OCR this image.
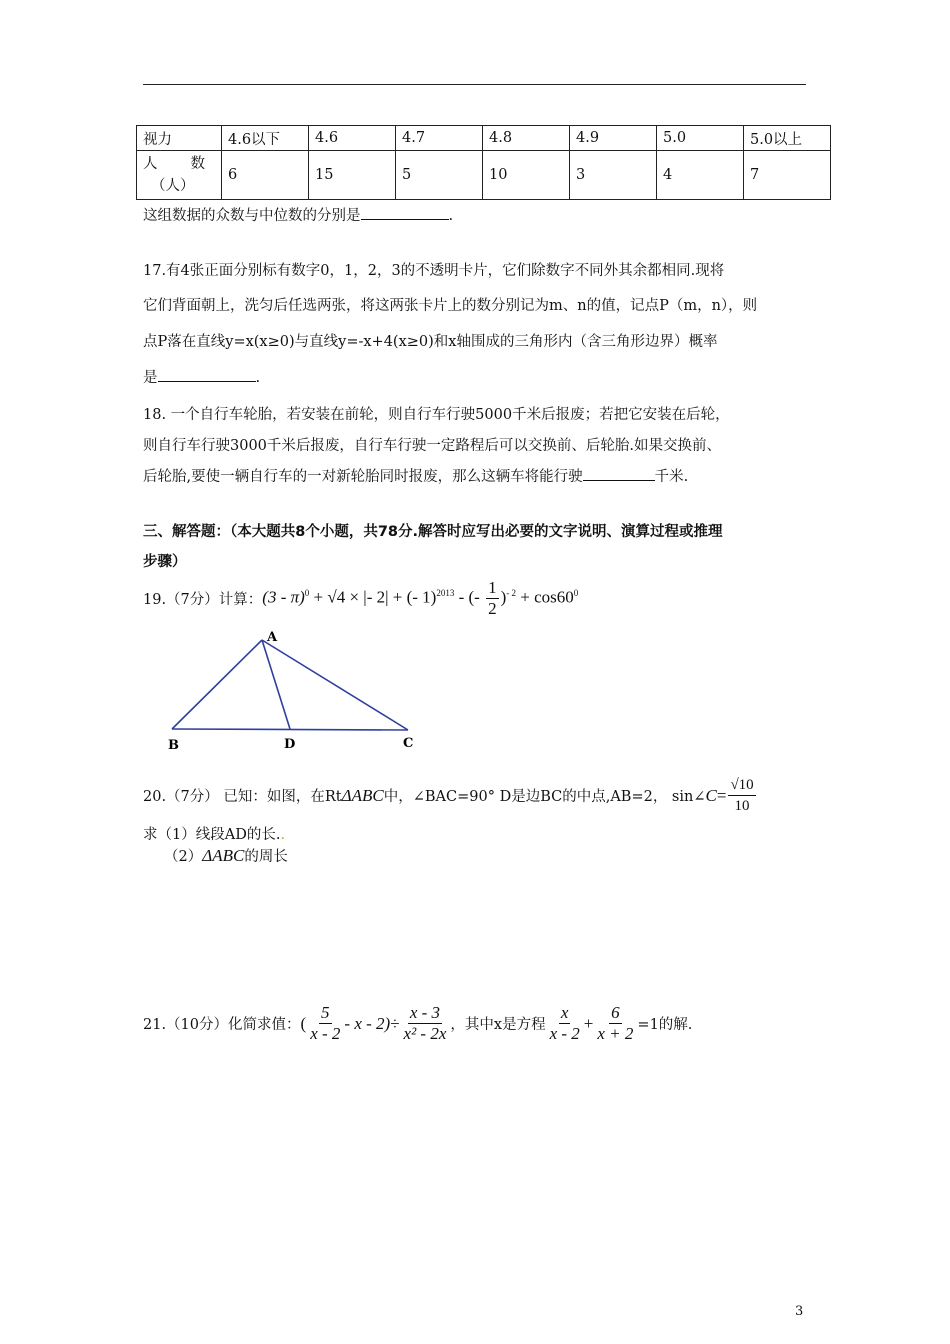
视力	4.6以下	4.6	4.7	4.8	4.9	5.0	5.0以上

人 数
（人）	6	15	5	10	3	4	7
这组数据的众数与中位数的分别是	.
17.有4张正面分别标有数字0，1，2，3的不透明卡片，它们除数字不同外其余都相同.现将
它们背面朝上，洗匀后任选两张，将这两张卡片上的数分别记为m、n的值，记点P（m，n），则
点P落在直线y=x(x≥0)与直线y=-x+4(x≥0)和x轴围成的三角形内（含三角形边界）概率
是	.
18. 一个自行车轮胎，若安装在前轮，则自行车行驶5000千米后报废；若把它安装在后轮，
则自行车行驶3000千米后报废，自行车行驶一定路程后可以交换前、后轮胎.如果交换前、
后轮胎,要使一辆自行车的一对新轮胎同时报废，那么这辆车将能行驶	千米.
三、解答题：（本大题共8个小题，共78分.解答时应写出必要的文字说明、演算过程或推理
步骤）
19.（7分）计算： (3 - π)$^0$ + √4 × |- 2| + (- 1)$^{2013}$ - (- $\frac{1}{2} )^{- 2} + \cos 60^0$
A
B	D	C
20.（7分） 已知：如图，在Rt ΔABC 中，∠BAC=90° D是边BC的中点,AB=2， sin∠ $C = \frac{√10}{10}$
求（1）线段AD的长..
（2）ΔABC的周长
21.（10分）化简求值： ( $\frac{5}{x - 2} - x - 2) \div \frac{x - 3}{\text{x² - 2x}}$ ，其中x是方程 $\frac{x}{x - 2} + \frac{6}{x + 2} =1$的解.
3
